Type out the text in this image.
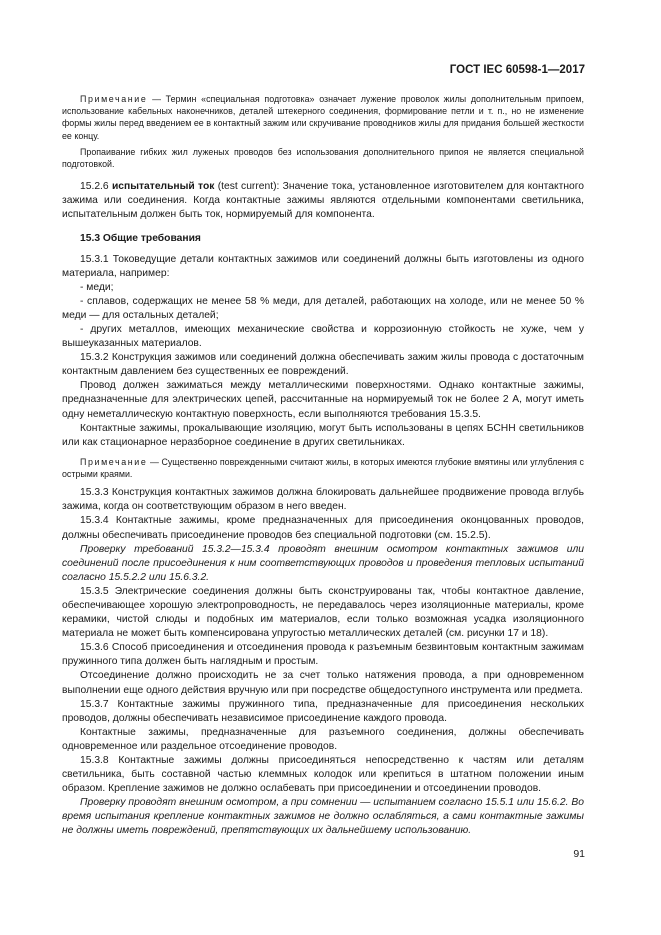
ГОСТ IEC 60598-1—2017

Примечание — Термин «специальная подготовка» означает лужение проволок жилы дополнительным припоем, использование кабельных наконечников, деталей штекерного соединения, формирование петли и т. п., но не изменение формы жилы перед введением ее в контактный зажим или скручивание проводников жилы для придания большей жесткости ее концу.

Пропаивание гибких жил луженых проводов без использования дополнительного припоя не является специальной подготовкой.

15.2.6 испытательный ток (test current): Значение тока, установленное изготовителем для контактного зажима или соединения. Когда контактные зажимы являются отдельными компонентами светильника, испытательным должен быть ток, нормируемый для компонента.

15.3 Общие требования

15.3.1 Токоведущие детали контактных зажимов или соединений должны быть изготовлены из одного материала, например:

- меди;

- сплавов, содержащих не менее 58 % меди, для деталей, работающих на холоде, или не менее 50 % меди — для остальных деталей;

- других металлов, имеющих механические свойства и коррозионную стойкость не хуже, чем у вышеуказанных материалов.

15.3.2 Конструкция зажимов или соединений должна обеспечивать зажим жилы провода с достаточным контактным давлением без существенных ее повреждений.

Провод должен зажиматься между металлическими поверхностями. Однако контактные зажимы, предназначенные для электрических цепей, рассчитанные на нормируемый ток не более 2 А, могут иметь одну неметаллическую контактную поверхность, если выполняются требования 15.3.5.

Контактные зажимы, прокалывающие изоляцию, могут быть использованы в цепях БСНН светильников или как стационарное неразборное соединение в других светильниках.

Примечание — Существенно поврежденными считают жилы, в которых имеются глубокие вмятины или углубления с острыми краями.

15.3.3 Конструкция контактных зажимов должна блокировать дальнейшее продвижение провода вглубь зажима, когда он соответствующим образом в него введен.

15.3.4 Контактные зажимы, кроме предназначенных для присоединения оконцованных проводов, должны обеспечивать присоединение проводов без специальной подготовки (см. 15.2.5).

Проверку требований 15.3.2—15.3.4 проводят внешним осмотром контактных зажимов или соединений после присоединения к ним соответствующих проводов и проведения тепловых испытаний согласно 15.5.2.2 или 15.6.3.2.

15.3.5 Электрические соединения должны быть сконструированы так, чтобы контактное давление, обеспечивающее хорошую электропроводность, не передавалось через изоляционные материалы, кроме керамики, чистой слюды и подобных им материалов, если только возможная усадка изоляционного материала не может быть компенсирована упругостью металлических деталей (см. рисунки 17 и 18).

15.3.6 Способ присоединения и отсоединения провода к разъемным безвинтовым контактным зажимам пружинного типа должен быть наглядным и простым.

Отсоединение должно происходить не за счет только натяжения провода, а при одновременном выполнении еще одного действия вручную или при посредстве общедоступного инструмента или предмета.

15.3.7 Контактные зажимы пружинного типа, предназначенные для присоединения нескольких проводов, должны обеспечивать независимое присоединение каждого провода.

Контактные зажимы, предназначенные для разъемного соединения, должны обеспечивать одновременное или раздельное отсоединение проводов.

15.3.8 Контактные зажимы должны присоединяться непосредственно к частям или деталям светильника, быть составной частью клеммных колодок или крепиться в штатном положении иным образом. Крепление зажимов не должно ослабевать при присоединении и отсоединении проводов.

Проверку проводят внешним осмотром, а при сомнении — испытанием согласно 15.5.1 или 15.6.2. Во время испытания крепление контактных зажимов не должно ослабляться, а сами контактные зажимы не должны иметь повреждений, препятствующих их дальнейшему использованию.

91
